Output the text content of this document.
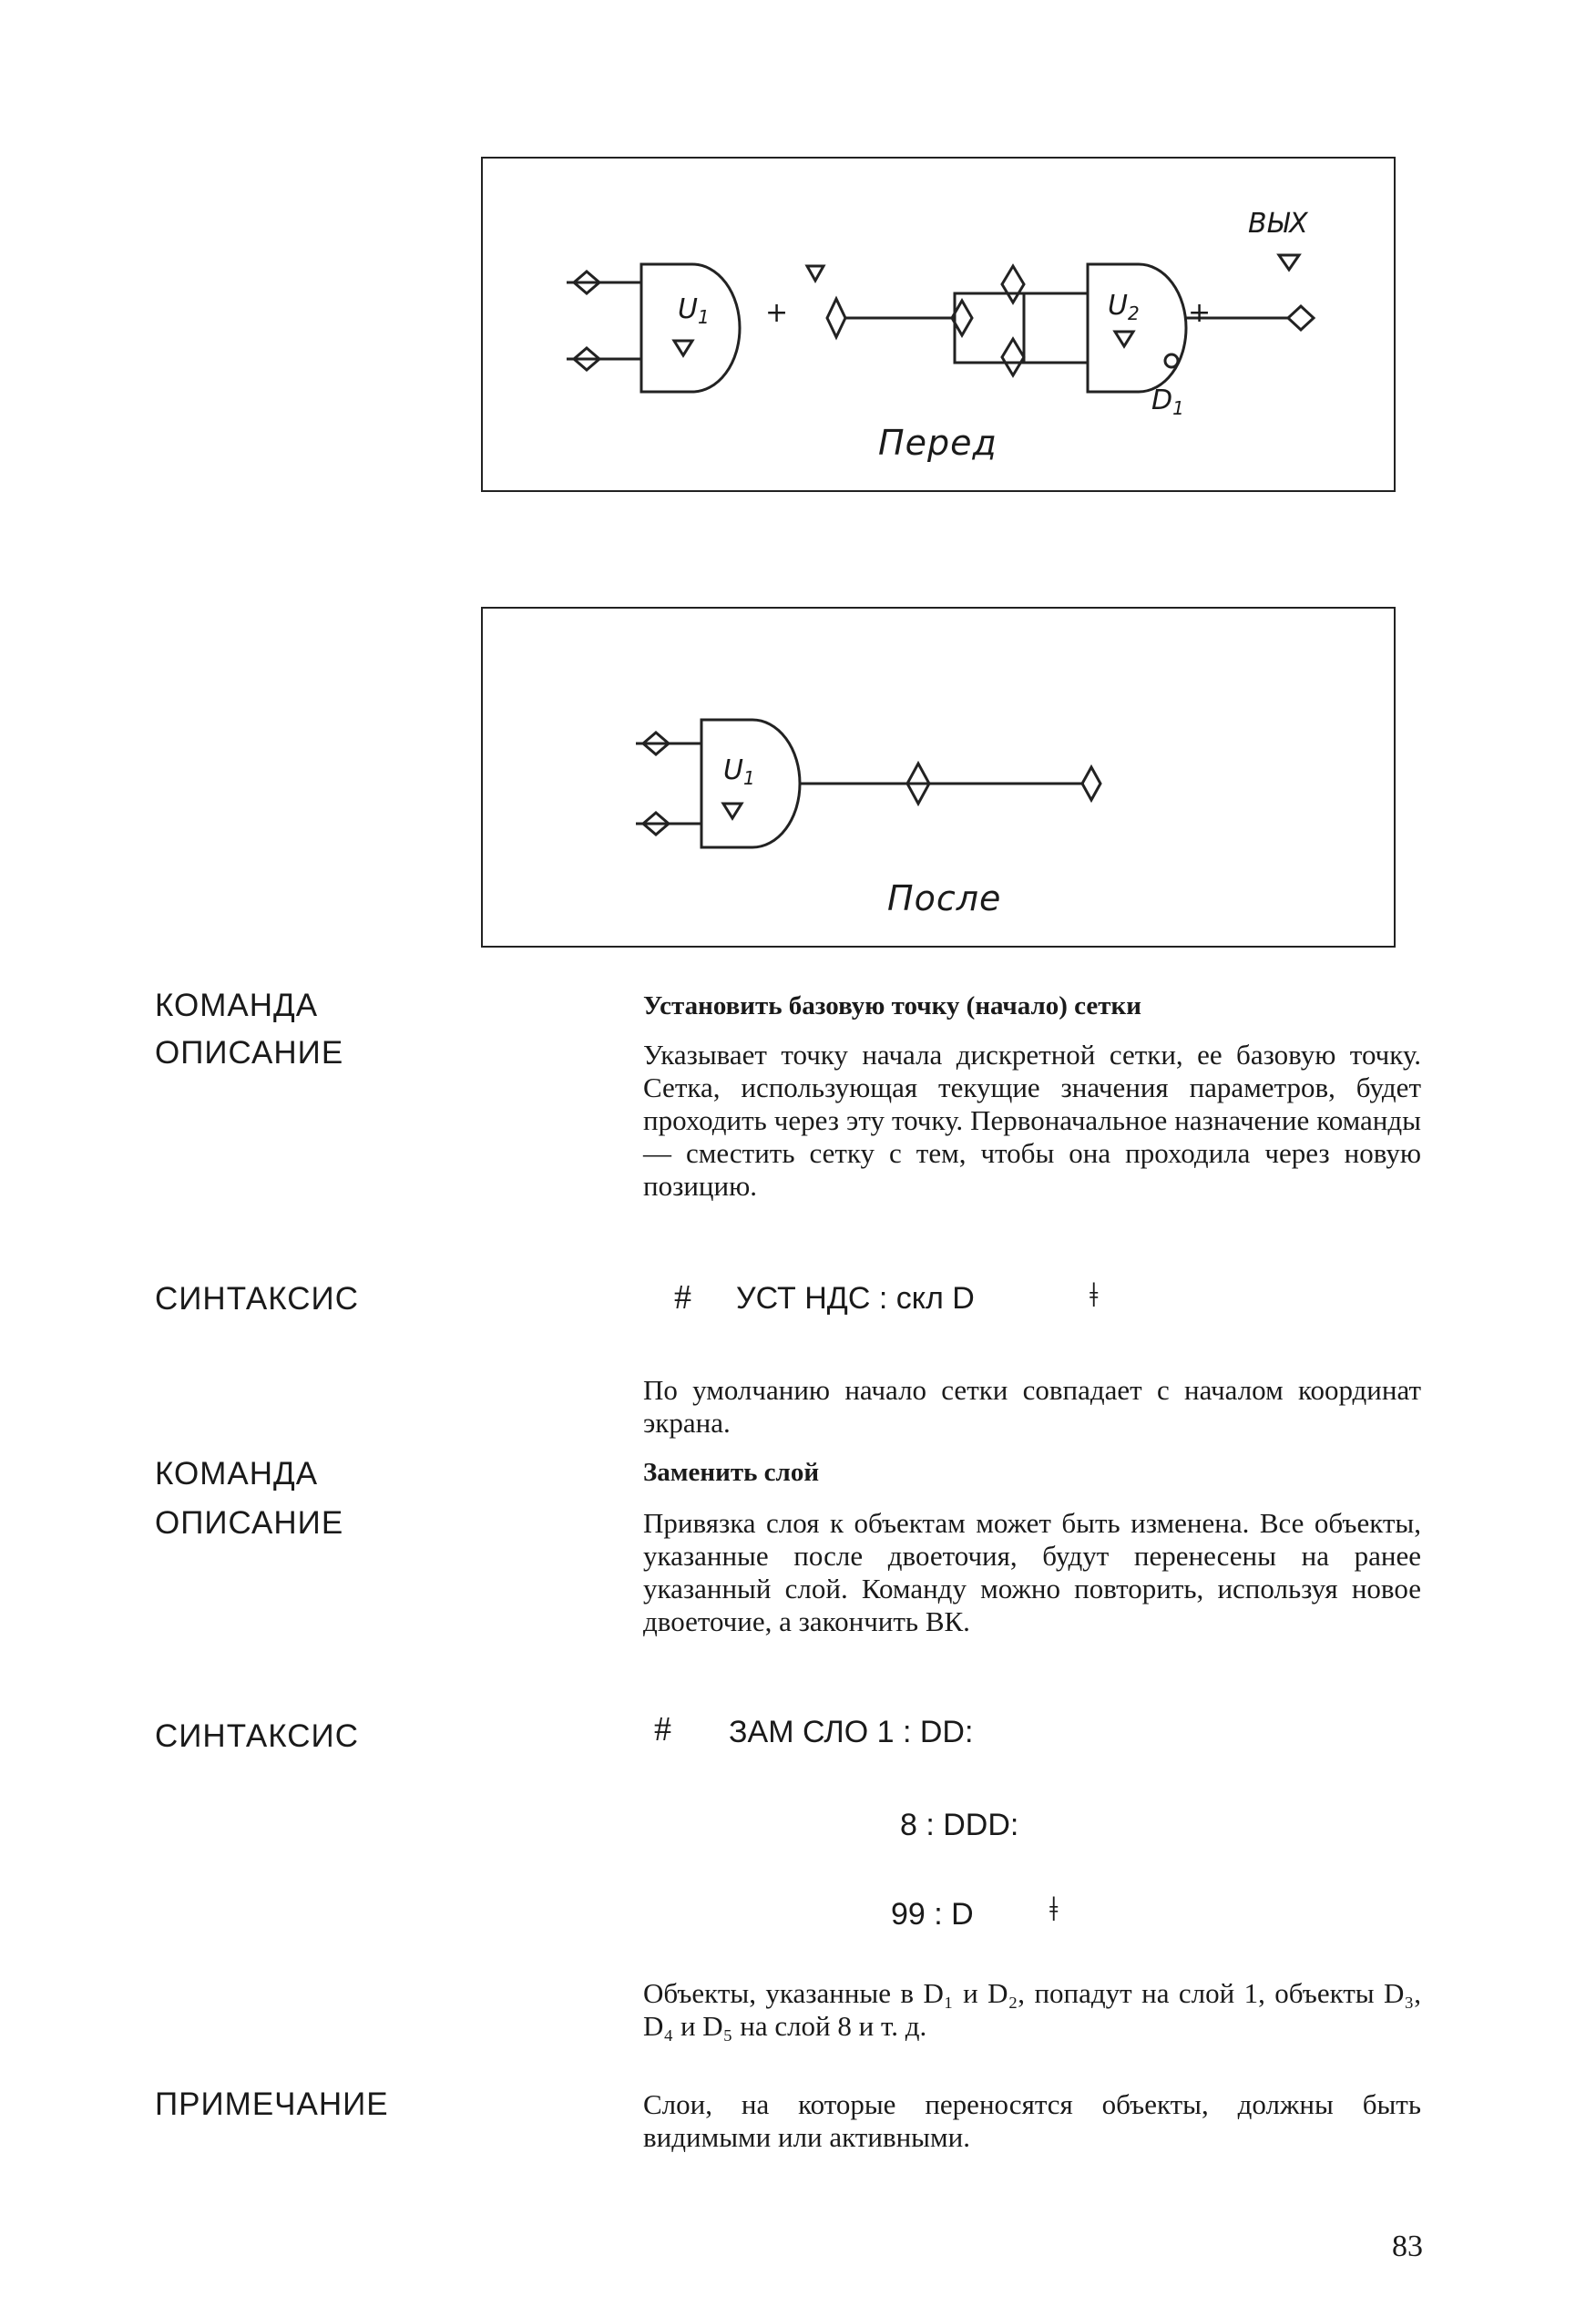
$U_1$ +	$U_2$ +
ВЫХ
$D_1$
Перед
$U_1$
После
КОМАНДА
ОПИСАНИЕ
Установить базовую точку (начало) сетки
Указывает точку начала дискретной сетки, ее базовую точку. Сетка, использующая текущие значения параметров, будет проходить через эту точку. Первоначальное назначение команды — сместить сетку с тем, чтобы она проходила через новую позицию.
СИНТАКСИС	# УСТ НДС : скл D	ǂ
По умолчанию начало сетки совпадает с началом координат экрана.
КОМАНДА
ОПИСАНИЕ
Заменить слой
Привязка слоя к объектам может быть изменена. Все объекты, указанные после двоеточия, будут перенесены на ранее указанный слой. Команду можно повторить, используя новое двоеточие, а закончить ВК.
СИНТАКСИС	# ЗАМ СЛО 1 : DD:
8 : DDD:
99 : D ǂ
Объекты, указанные в D₁ и D₂, попадут на слой 1, объекты D₃, D₄ и D₅ на слой 8 и т. д.
ПРИМЕЧАНИЕ	Слои, на которые переносятся объекты, должны быть видимыми или активными.
83
